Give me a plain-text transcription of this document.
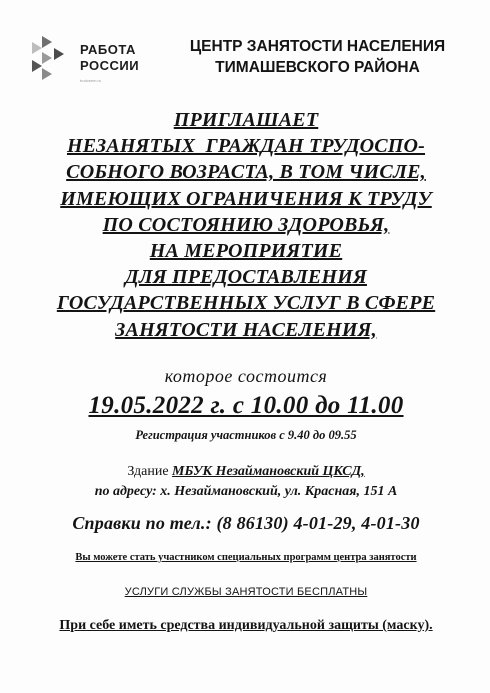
РАБОТА
РОССИИ
trudvsem.ru
ЦЕНТР ЗАНЯТОСТИ НАСЕЛЕНИЯ
ТИМАШЕВСКОГО РАЙОНА
ПРИГЛАШАЕТ
НЕЗАНЯТЫХ  ГРАЖДАН ТРУДОСПО-
СОБНОГО ВОЗРАСТА, В ТОМ ЧИСЛЕ,
ИМЕЮЩИХ ОГРАНИЧЕНИЯ К ТРУДУ
ПО СОСТОЯНИЮ ЗДОРОВЬЯ,
НА МЕРОПРИЯТИЕ
ДЛЯ ПРЕДОСТАВЛЕНИЯ
ГОСУДАРСТВЕННЫХ УСЛУГ В СФЕРЕ
ЗАНЯТОСТИ НАСЕЛЕНИЯ,
которое состоится
19.05.2022 г. с 10.00 до 11.00
Регистрация участников с 9.40 до 09.55
Здание МБУК Незаймановский ЦКСД,
по адресу: х. Незаймановский, ул. Красная, 151 А
Справки по тел.: (8 86130) 4-01-29, 4-01-30
Вы можете стать участником специальных программ центра занятости
УСЛУГИ СЛУЖБЫ ЗАНЯТОСТИ БЕСПЛАТНЫ
При себе иметь средства индивидуальной защиты (маску).
